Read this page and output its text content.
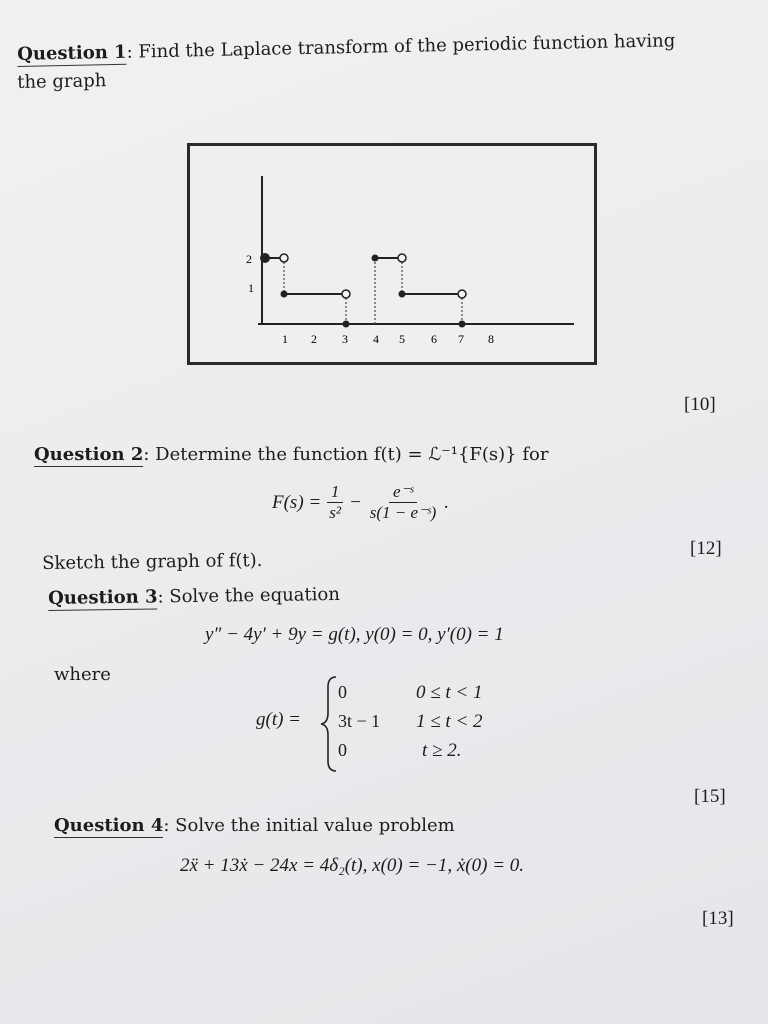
Question 1: Find the Laplace transform of the periodic function having
the graph
2
1
1 2 3 4 5 6 7 8
[10]
Question 2: Determine the function f(t) = ℒ⁻¹{F(s)} for
$F(s) = \frac{1}{\text{s²}} - \frac{\text{e⁻ˢ}}{\text{s(1 − e⁻ˢ)}}$ .
[12]
Sketch the graph of f(t).
Question 3: Solve the equation
y″ − 4y′ + 9y = g(t), y(0) = 0, y′(0) = 1
where
g(t) =
0	0 ≤ t < 1
3t − 1	1 ≤ t < 2
0	t ≥ 2.
[15]
Question 4: Solve the initial value problem
2ẍ + 13ẋ − 24x = 4δ₂(t), x(0) = −1, ẋ(0) = 0.
[13]
